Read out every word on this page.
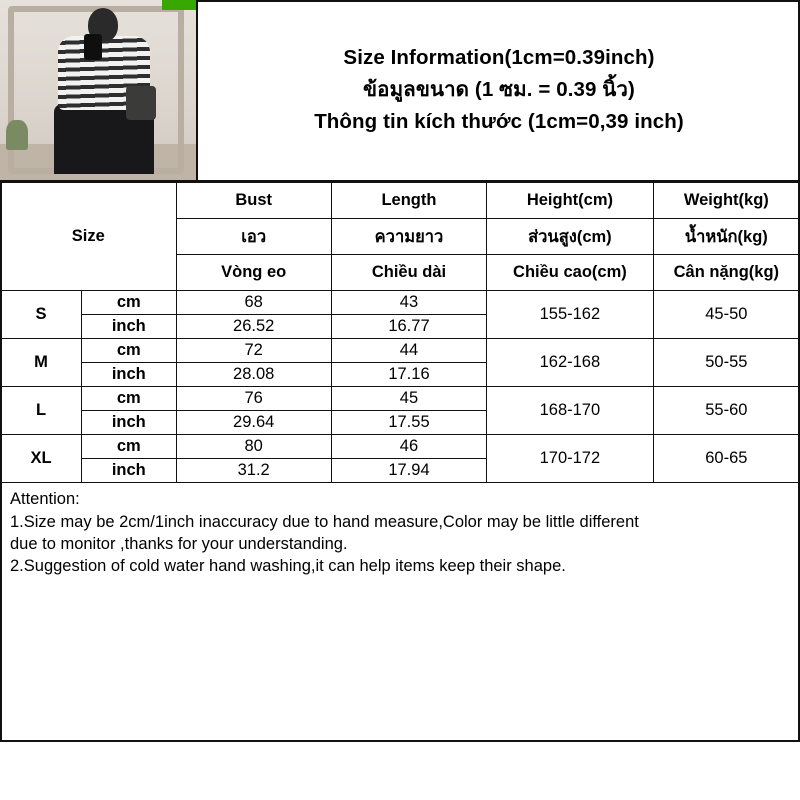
Size Information(1cm=0.39inch)
ข้อมูลขนาด (1 ซม. = 0.39 นิ้ว)
Thông tin kích thước (1cm=0,39 inch)
Size		Bust	Length	Height(cm)	Weight(kg)
		เอว	ความยาว	ส่วนสูง(cm)	น้ำหนัก(kg)
		Vòng eo	Chiều dài	Chiều cao(cm)	Cân nặng(kg)
S	cm	68	43	155-162	45-50
	inch	26.52	16.77		
M	cm	72	44	162-168	50-55
	inch	28.08	17.16		
L	cm	76	45	168-170	55-60
	inch	29.64	17.55		
XL	cm	80	46	170-172	60-65
	inch	31.2	17.94		
Attention:
1.Size may be 2cm/1inch inaccuracy due to hand measure,Color may be little different
due to monitor ,thanks for your understanding.
2.Suggestion of cold water hand washing,it can help items keep their shape.
